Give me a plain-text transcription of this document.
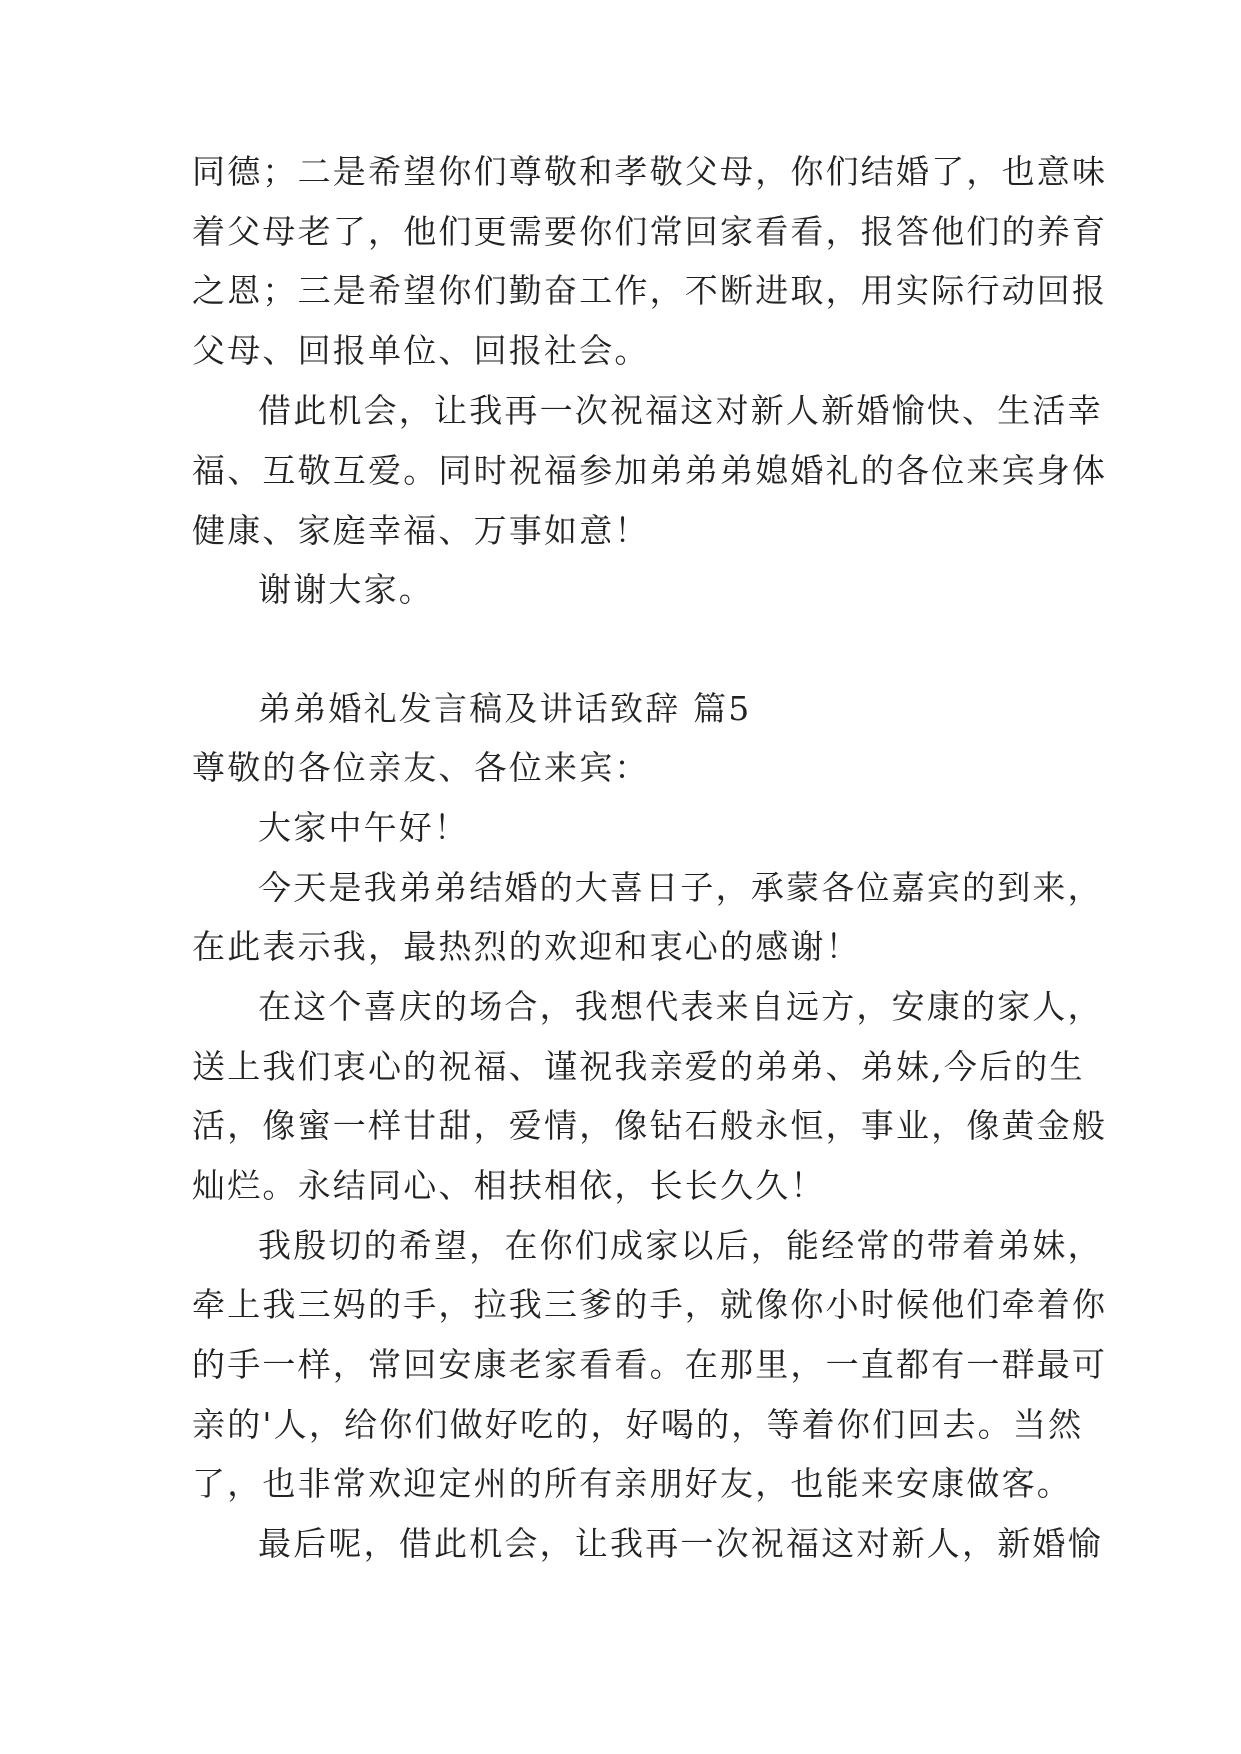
同德；二是希望你们尊敬和孝敬父母，你们结婚了，也意味
着父母老了，他们更需要你们常回家看看，报答他们的养育
之恩；三是希望你们勤奋工作，不断进取，用实际行动回报
父母、回报单位、回报社会。
借此机会，让我再一次祝福这对新人新婚愉快、生活幸
福、互敬互爱。同时祝福参加弟弟弟媳婚礼的各位来宾身体
健康、家庭幸福、万事如意！
谢谢大家。
弟弟婚礼发言稿及讲话致辞 篇5
尊敬的各位亲友、各位来宾：
大家中午好！
今天是我弟弟结婚的大喜日子，承蒙各位嘉宾的到来，
在此表示我，最热烈的欢迎和衷心的感谢！
在这个喜庆的场合，我想代表来自远方，安康的家人，
送上我们衷心的祝福、谨祝我亲爱的弟弟、弟妹,今后的生
活，像蜜一样甘甜，爱情，像钻石般永恒，事业，像黄金般
灿烂。永结同心、相扶相依，长长久久！
我殷切的希望，在你们成家以后，能经常的带着弟妹，
牵上我三妈的手，拉我三爹的手，就像你小时候他们牵着你
的手一样，常回安康老家看看。在那里，一直都有一群最可
亲的'人，给你们做好吃的，好喝的，等着你们回去。当然
了，也非常欢迎定州的所有亲朋好友，也能来安康做客。
最后呢，借此机会，让我再一次祝福这对新人，新婚愉
